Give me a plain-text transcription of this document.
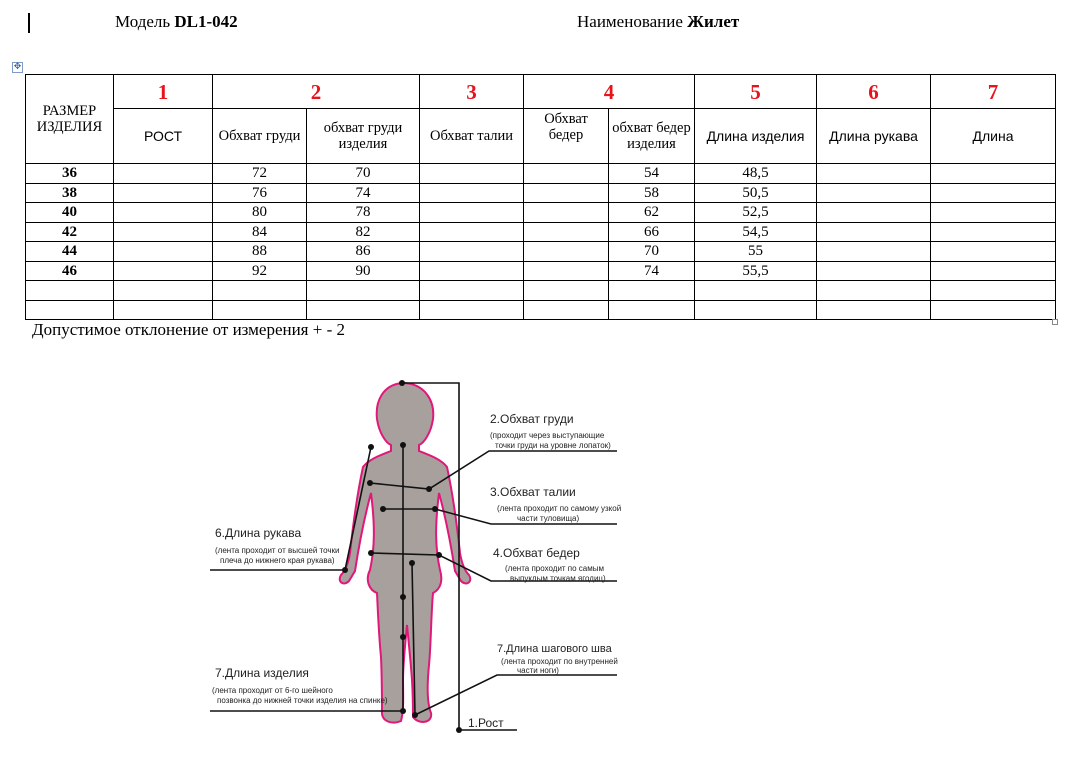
Модель DL1-042	Наименование Жилет
✥
РАЗМЕР ИЗДЕЛИЯ	1	2		3	4		5	6	7
	РОСТ	Обхват груди	обхват груди изделия	Обхват талии	Обхват бедер	обхват бедер изделия	Длина изделия	Длина рукава	Длина
36		72	70			54	48,5		
38		76	74			58	50,5		
40		80	78			62	52,5		
42		84	82			66	54,5		
44		88	86			70	55		
46		92	90			74	55,5		

Допустимое отклонение от измерения + - 2
2.Обхват груди
(проходит через выступающие
точки груди на уровне лопаток)
3.Обхват талии
(лента проходит по самому узкой
части туловища)
4.Обхват бедер
(лента проходит по самым
выпуклым точкам ягодиц)
6.Длина рукава
(лента проходит от высшей точки
плеча до нижнего края рукава)
7.Длина шагового шва
(лента проходит по внутренней
части ноги)
7.Длина изделия
(лента проходит от 6-го шейного
позвонка до нижней точки изделия на спинке)
1.Рост
